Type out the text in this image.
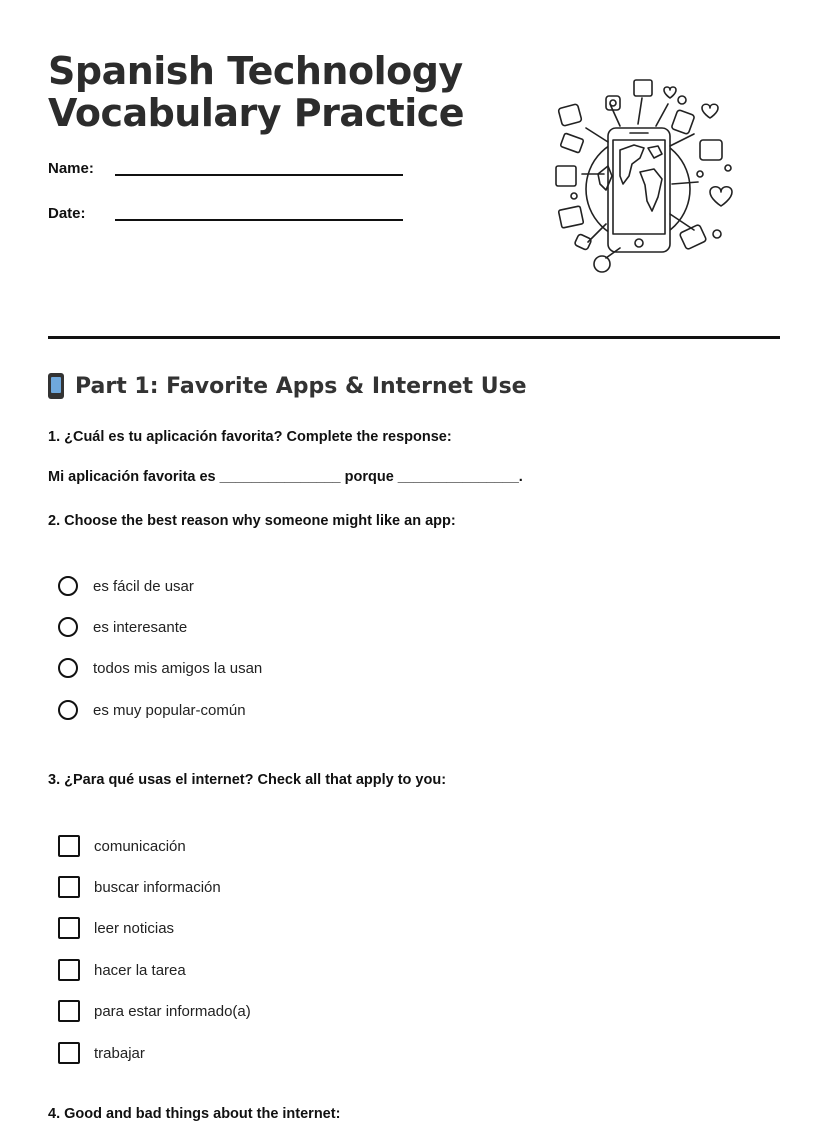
Spanish Technology
Vocabulary Practice
Name:
Date:
Part 1: Favorite Apps & Internet Use

1. ¿Cuál es tu aplicación favorita? Complete the response:

Mi aplicación favorita es _______________ porque _______________.

2. Choose the best reason why someone might like an app:

es fácil de usar
es interesante
todos mis amigos la usan
es muy popular-común

3. ¿Para qué usas el internet? Check all that apply to you:

comunicación
buscar información
leer noticias
hacer la tarea
para estar informado(a)
trabajar
4. Good and bad things about the internet:
